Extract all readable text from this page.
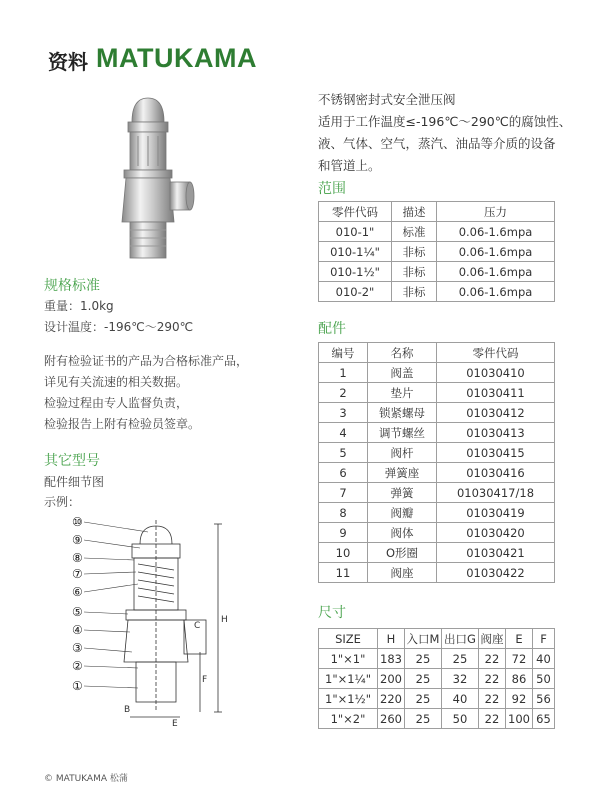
资料 MATUKAMA

不锈钢密封式安全泄压阀

适用于工作温度≤-196℃～290℃的腐蚀性、

液、气体、空气，蒸汽、油品等介质的设备

和管道上。

范围
零件代码	描述	压力
010-1"	标准	0.06-1.6mpa
010-1¼"	非标	0.06-1.6mpa
010-1½"	非标	0.06-1.6mpa
010-2"	非标	0.06-1.6mpa
规格标准
重量：1.0kg
设计温度：-196℃～290℃
附有检验证书的产品为合格标准产品，
详见有关流速的相关数据。
检验过程由专人监督负责，
检验报告上附有检验员签章。
其它型号
配件细节图
示例：
H
F
C
B
E
⑩
⑨
⑧
⑦
⑥
⑤
④
③
②
①
配件
编号	名称	零件代码
1	阀盖	01030410
2	垫片	01030411
3	锁紧螺母	01030412
4	调节螺丝	01030413
5	阀杆	01030415
6	弹簧座	01030416
7	弹簧	01030417/18
8	阀瓣	01030419
9	阀体	01030420
10	O形圈	01030421
11	阀座	01030422
尺寸
SIZE	H	入口M	出口G	阀座	E	F
1"×1"	183	25	25	22	72	40
1"×1¼"	200	25	32	22	86	50
1"×1½"	220	25	40	22	92	56
1"×2"	260	25	50	22	100	65
© MATUKAMA 松蒲
